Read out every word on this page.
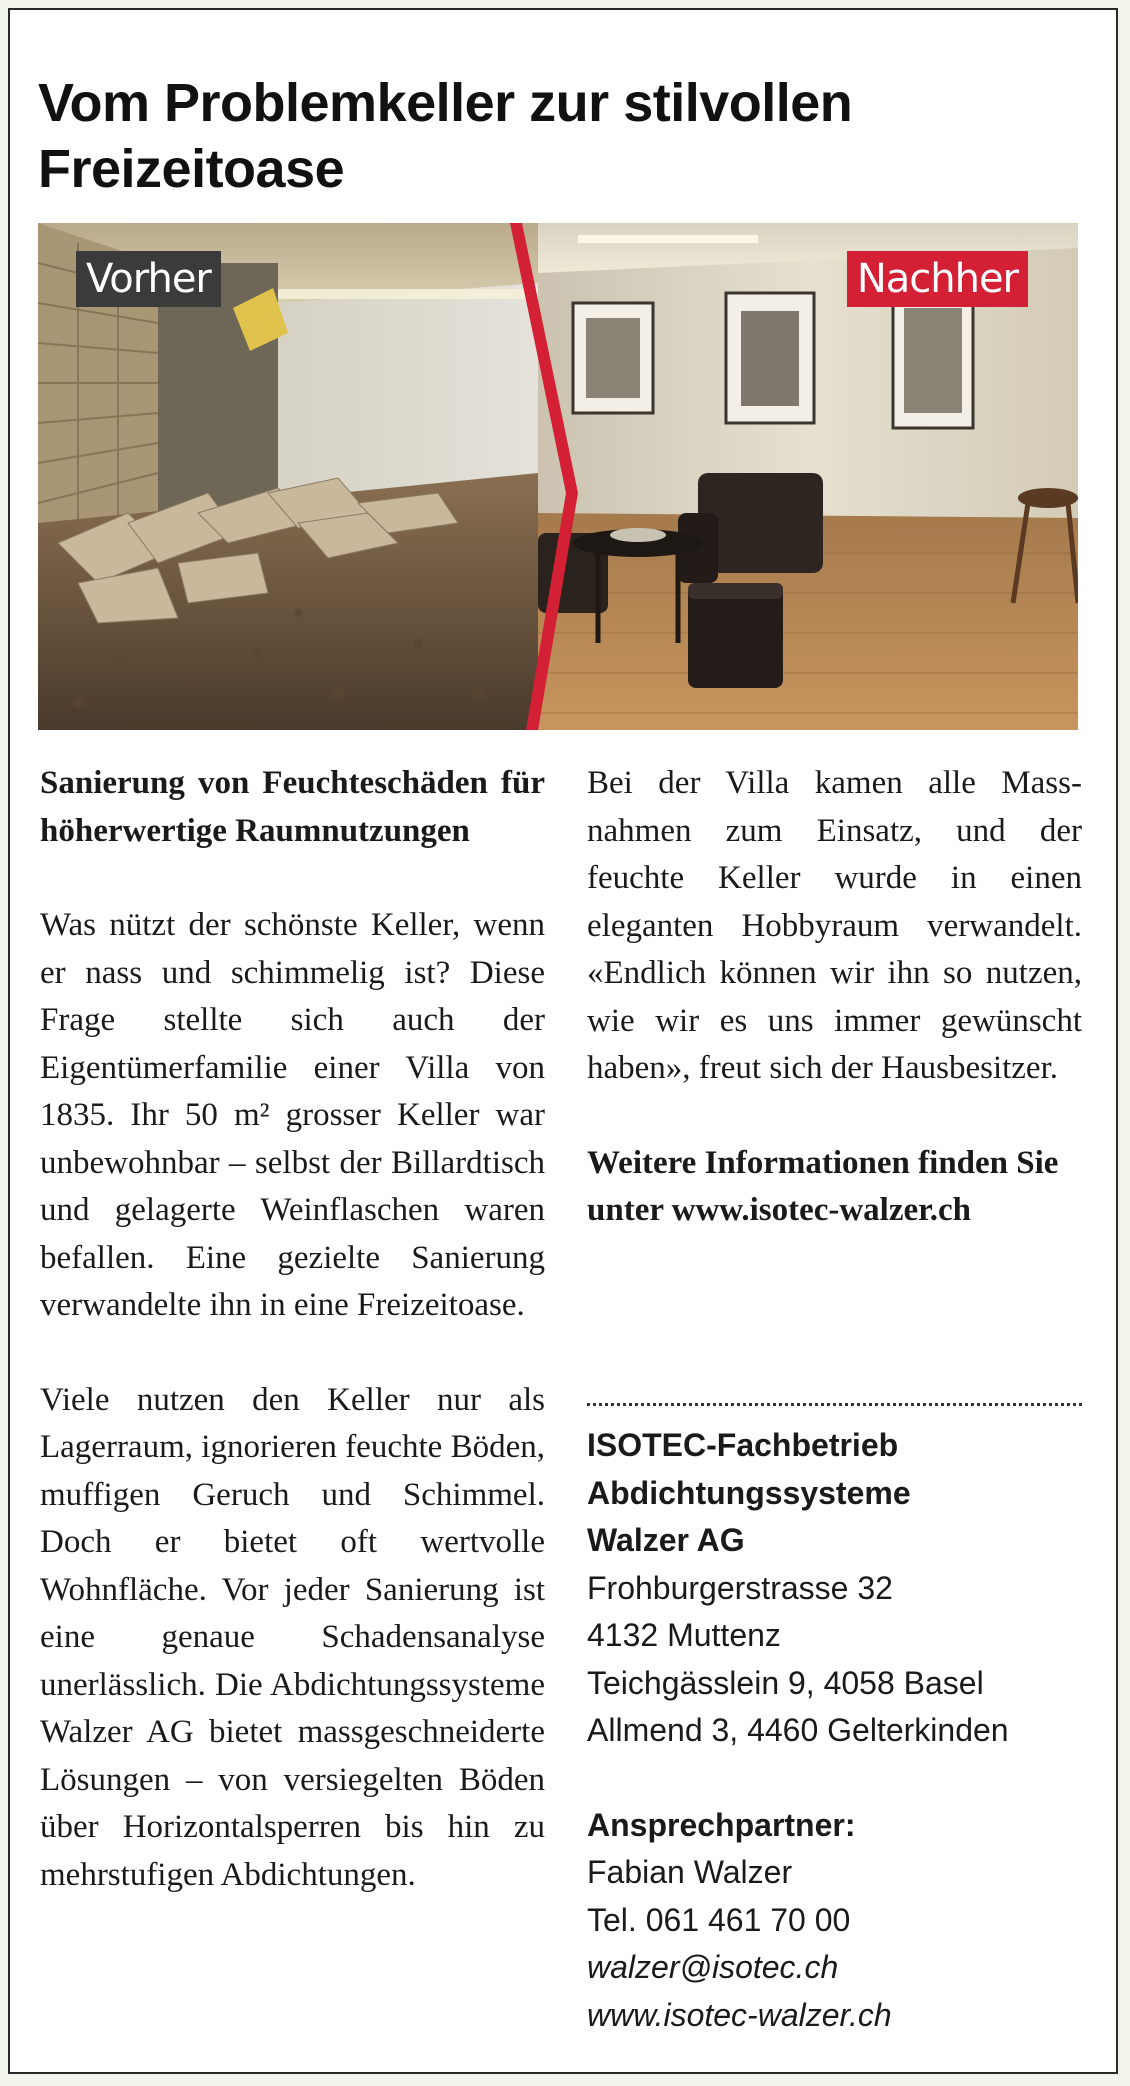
Vom Problemkeller zur stilvollen
Freizeitoase
Vorher	Nachher

Sanierung von Feuchteschäden für höherwertige Raumnutzungen

Was nützt der schönste Keller, wenn er nass und schimmelig ist? Diese Frage stellte sich auch der Eigentümerfamilie einer Villa von 1835. Ihr 50 m² grosser Keller war unbewohnbar – selbst der Billardtisch und gelagerte Weinflaschen waren befallen. Eine gezielte Sanierung verwandelte ihn in eine Freizeitoase.

Viele nutzen den Keller nur als Lagerraum, ignorieren feuchte Böden, muffigen Geruch und Schimmel. Doch er bietet oft wertvolle Wohnfläche. Vor jeder Sanierung ist eine genaue Schadensanalyse unerlässlich. Die Abdichtungssysteme Walzer AG bietet massgeschneiderte Lösungen – von versiegelten Böden über Horizontalsperren bis hin zu mehrstufigen Abdichtungen.

Bei der Villa kamen alle Massnahmen zum Einsatz, und der feuchte Keller wurde in einen eleganten Hobbyraum verwandelt. «Endlich können wir ihn so nutzen, wie wir es uns immer gewünscht haben», freut sich der Hausbesitzer.

Weitere Informationen finden Sie unter www.isotec-walzer.ch

ISOTEC-Fachbetrieb
Abdichtungssysteme
Walzer AG
Frohburgerstrasse 32
4132 Muttenz
Teichgässlein 9, 4058 Basel
Allmend 3, 4460 Gelterkinden
Ansprechpartner:
Fabian Walzer
Tel. 061 461 70 00
walzer@isotec.ch
www.isotec-walzer.ch
